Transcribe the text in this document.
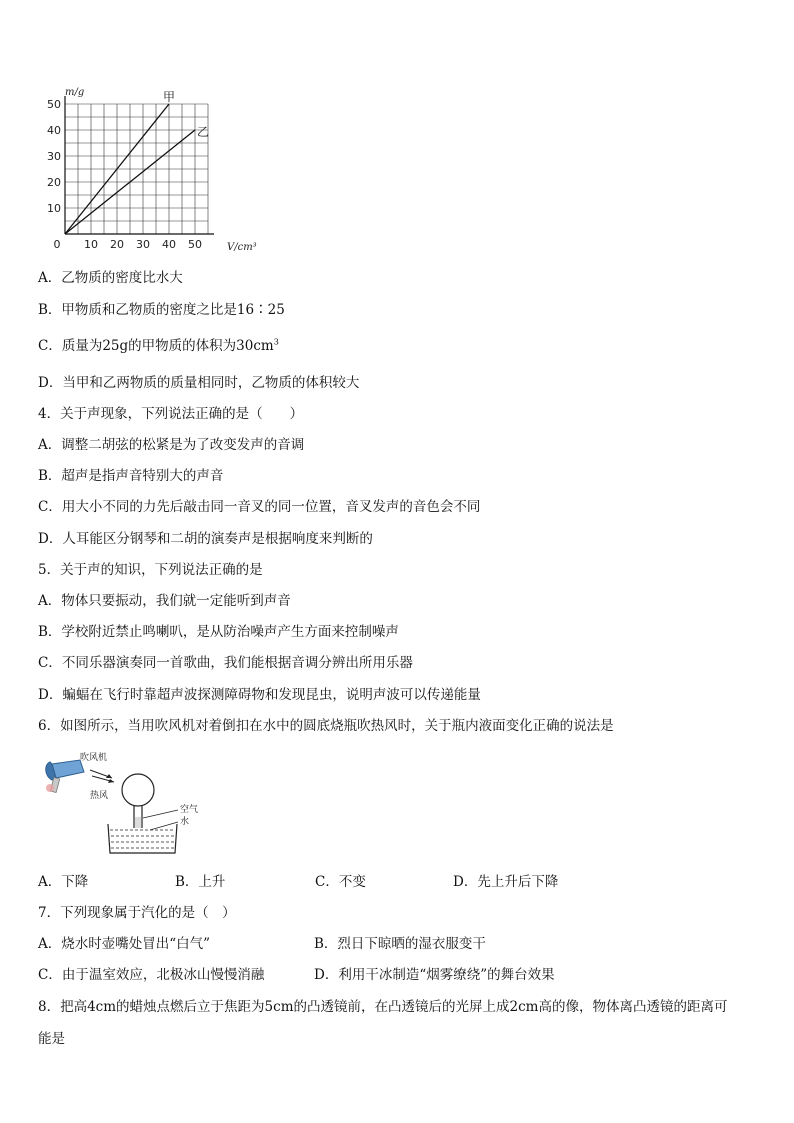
0 10 20 30 40 50
10
20
30
40
50
甲
乙
m/g
V/cm³
A．乙物质的密度比水大
B．甲物质和乙物质的密度之比是16∶25
C．质量为25g的甲物质的体积为$30cm^3$
D．当甲和乙两物质的质量相同时，乙物质的体积较大
4．关于声现象，下列说法正确的是（　　）
A．调整二胡弦的松紧是为了改变发声的音调
B．超声是指声音特别大的声音
C．用大小不同的力先后敲击同一音叉的同一位置，音叉发声的音色会不同
D．人耳能区分钢琴和二胡的演奏声是根据响度来判断的
5．关于声的知识，下列说法正确的是
A．物体只要振动，我们就一定能听到声音
B．学校附近禁止鸣喇叭，是从防治噪声产生方面来控制噪声
C．不同乐器演奏同一首歌曲，我们能根据音调分辨出所用乐器
D．蝙蝠在飞行时靠超声波探测障碍物和发现昆虫，说明声波可以传递能量
6．如图所示，当用吹风机对着倒扣在水中的圆底烧瓶吹热风时，关于瓶内液面变化正确的说法是
吹风机
热风
空气
水
A．下降	B．上升	C．不变	D．先上升后下降
7．下列现象属于汽化的是（　）
A．烧水时壶嘴处冒出“白气”	B．烈日下晾晒的湿衣服变干
C．由于温室效应，北极冰山慢慢消融	D．利用干冰制造“烟雾缭绕”的舞台效果
8．把高4cm的蜡烛点燃后立于焦距为5cm的凸透镜前，在凸透镜后的光屏上成2cm高的像，物体离凸透镜的距离可
能是
